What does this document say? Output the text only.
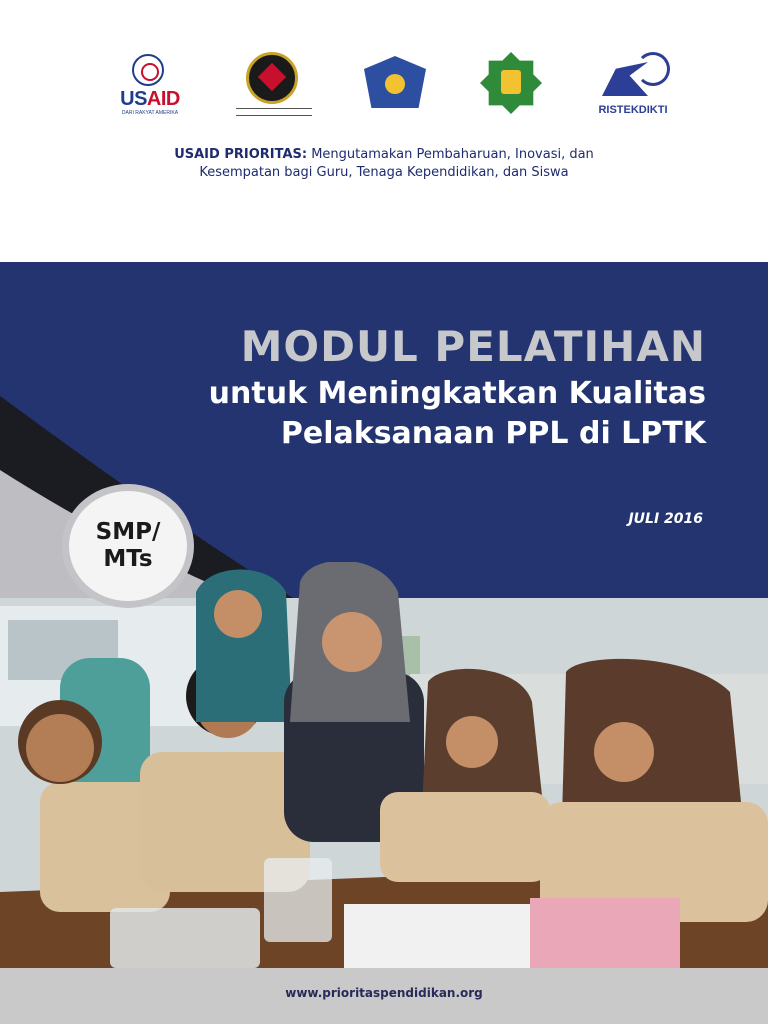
USAID
DARI RAKYAT AMERIKA	RISTEKDIKTI
USAID PRIORITAS: Mengutamakan Pembaharuan, Inovasi, dan
Kesempatan bagi Guru, Tenaga Kependidikan, dan Siswa
MODUL PELATIHAN
untuk Meningkatkan Kualitas
Pelaksanaan PPL di LPTK
JULI 2016
SMP/
MTs
www.prioritaspendidikan.org
